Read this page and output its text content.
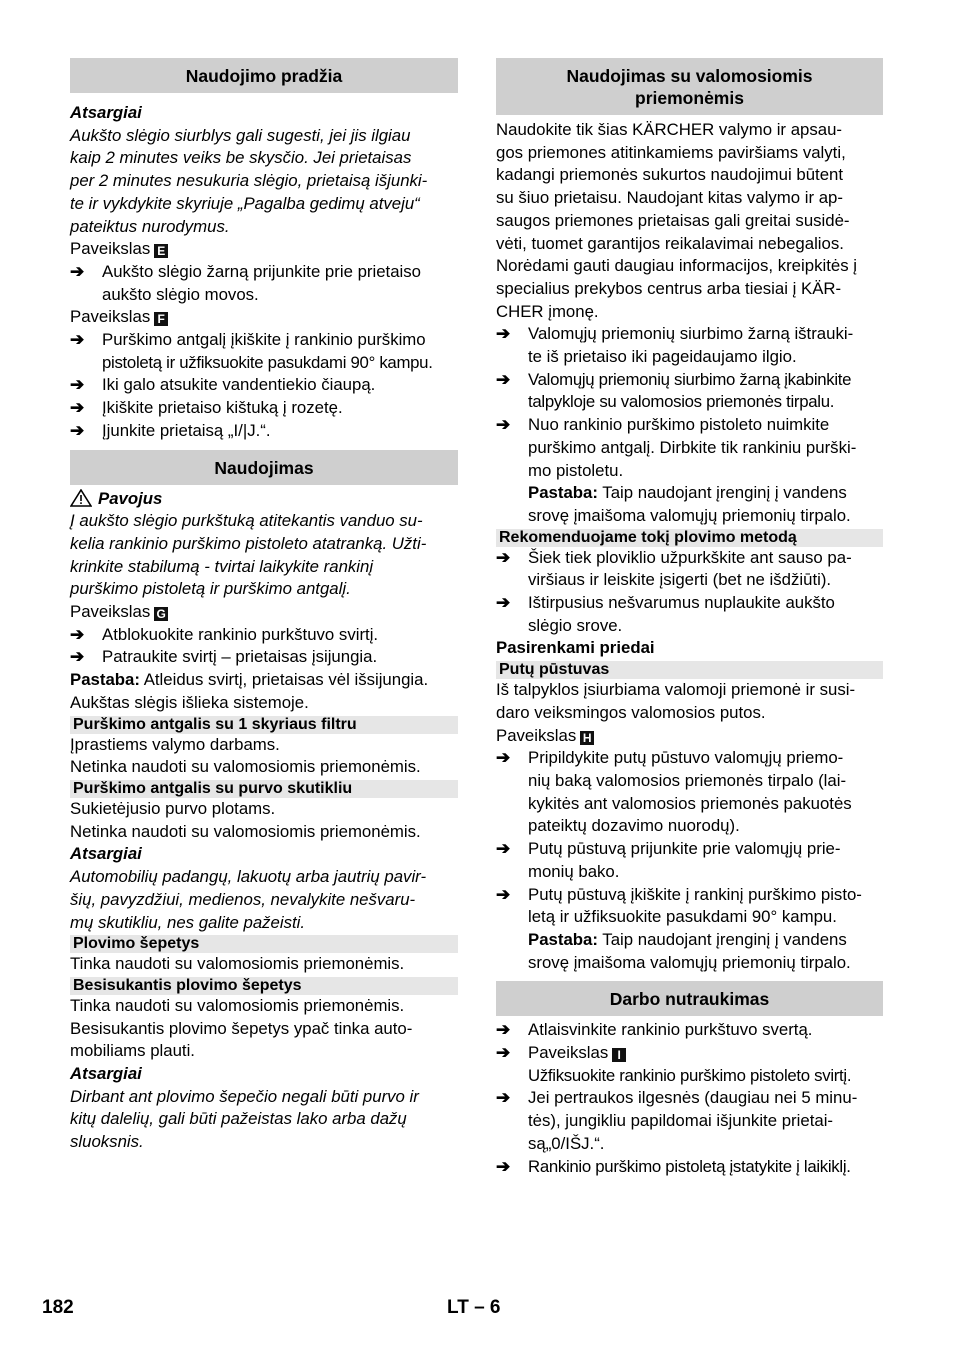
Naudojimo pradžia
Atsargiai
Aukšto slėgio siurblys gali sugesti, jei jis ilgiau
kaip 2 minutes veiks be skysčio. Jei prietaisas
per 2 minutes nesukuria slėgio, prietaisą išjunki-
te ir vykdykite skyriuje „Pagalba gedimų atveju“
pateiktus nurodymus.
Paveikslas E
➔	Aukšto slėgio žarną prijunkite prie prietaiso
aukšto slėgio movos.
Paveikslas F
➔	Purškimo antgalį įkiškite į rankinio purškimo
pistoletą ir užfiksuokite pasukdami 90° kampu.
➔	Iki galo atsukite vandentiekio čiaupą.
➔	Įkiškite prietaiso kištuką į rozetę.
➔	Įjunkite prietaisą „I/|J.“.
Naudojimas
Pavojus
Į aukšto slėgio purkštuką atitekantis vanduo su-
kelia rankinio purškimo pistoleto atatranką. Užti-
krinkite stabilumą - tvirtai laikykite rankinį
purškimo pistoletą ir purškimo antgalį.
Paveikslas G
➔	Atblokuokite rankinio purkštuvo svirtį.
➔	Patraukite svirtį – prietaisas įsijungia.
Pastaba: Atleidus svirtį, prietaisas vėl išsijungia.
Aukštas slėgis išlieka sistemoje.
Purškimo antgalis su 1 skyriaus filtru
Įprastiems valymo darbams.
Netinka naudoti su valomosiomis priemonėmis.
Purškimo antgalis su purvo skutikliu
Sukietėjusio purvo plotams.
Netinka naudoti su valomosiomis priemonėmis.
Atsargiai
Automobilių padangų, lakuotų arba jautrių pavir-
šių, pavyzdžiui, medienos, nevalykite nešvaru-
mų skutikliu, nes galite pažeisti.
Plovimo šepetys
Tinka naudoti su valomosiomis priemonėmis.
Besisukantis plovimo šepetys
Tinka naudoti su valomosiomis priemonėmis.
Besisukantis plovimo šepetys ypač tinka auto-
mobiliams plauti.
Atsargiai
Dirbant ant plovimo šepečio negali būti purvo ir
kitų dalelių, gali būti pažeistas lako arba dažų
sluoksnis.
Naudojimas su valomosiomis
priemonėmis
Naudokite tik šias KÄRCHER valymo ir apsau-
gos priemones atitinkamiems paviršiams valyti,
kadangi priemonės sukurtos naudojimui būtent
su šiuo prietaisu. Naudojant kitas valymo ir ap-
saugos priemones prietaisas gali greitai susidė-
vėti, tuomet garantijos reikalavimai nebegalios.
Norėdami gauti daugiau informacijos, kreipkitės į
specialius prekybos centrus arba tiesiai į KÄR-
CHER įmonę.
➔	Valomųjų priemonių siurbimo žarną ištrauki-
te iš prietaiso iki pageidaujamo ilgio.
➔	Valomųjų priemonių siurbimo žarną įkabinkite
talpykloje su valomosios priemonės tirpalu.
➔	Nuo rankinio purškimo pistoleto nuimkite
purškimo antgalį. Dirbkite tik rankiniu purški-
mo pistoletu.
Pastaba: Taip naudojant įrenginį į vandens
srovę įmaišoma valomųjų priemonių tirpalo.
Rekomenduojame tokį plovimo metodą
➔	Šiek tiek ploviklio užpurkškite ant sauso pa-
viršiaus ir leiskite įsigerti (bet ne išdžiūti).
➔	Ištirpusius nešvarumus nuplaukite aukšto
slėgio srove.
Pasirenkami priedai
Putų pūstuvas
Iš talpyklos įsiurbiama valomoji priemonė ir susi-
daro veiksmingos valomosios putos.
Paveikslas H
➔	Pripildykite putų pūstuvo valomųjų priemo-
nių baką valomosios priemonės tirpalo (lai-
kykitės ant valomosios priemonės pakuotės
pateiktų dozavimo nuorodų).
➔	Putų pūstuvą prijunkite prie valomųjų prie-
monių bako.
➔	Putų pūstuvą įkiškite į rankinį purškimo pisto-
letą ir užfiksuokite pasukdami 90° kampu.
Pastaba: Taip naudojant įrenginį į vandens
srovę įmaišoma valomųjų priemonių tirpalo.
Darbo nutraukimas
➔	Atlaisvinkite rankinio purkštuvo svertą.
➔	Paveikslas I
Užfiksuokite rankinio purškimo pistoleto svirtį.
➔	Jei pertraukos ilgesnės (daugiau nei 5 minu-
tės), jungikliu papildomai išjunkite prietai-
są„0/IŠJ.“.
➔	Rankinio purškimo pistoletą įstatykite į laikiklį.
182	LT – 6
